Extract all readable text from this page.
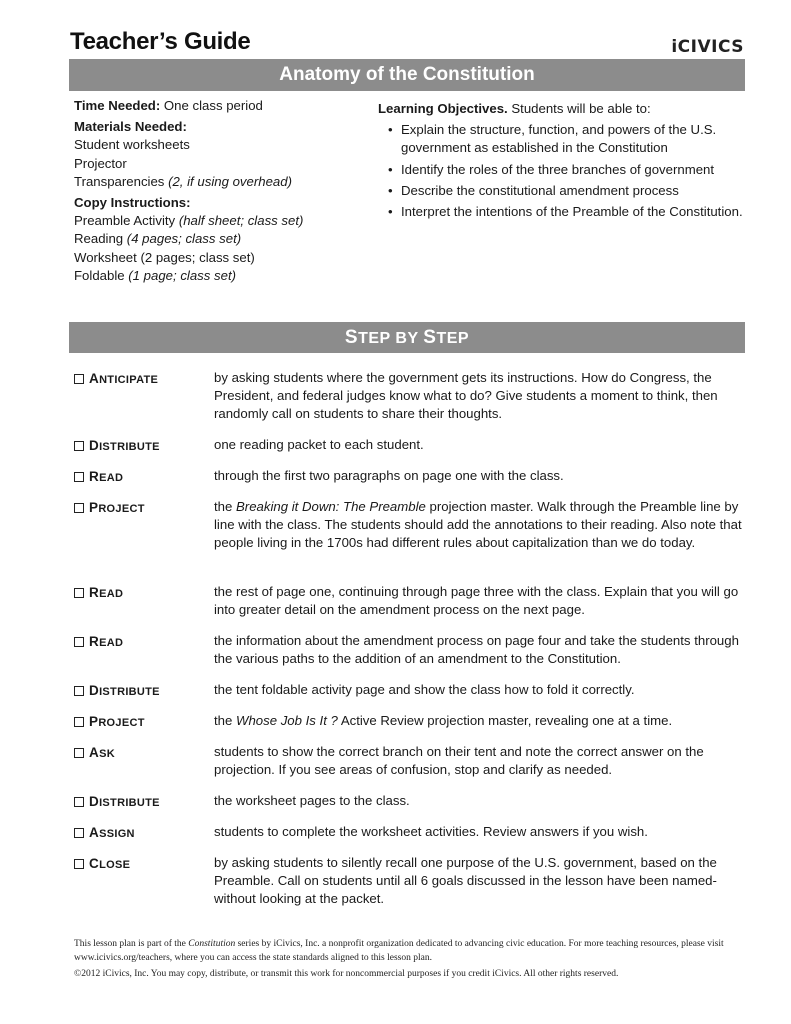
Teacher’s Guide	iCIVICS
Anatomy of the Constitution
Time Needed: One class period
Materials Needed:
Student worksheets
Projector
Transparencies (2, if using overhead)
Copy Instructions:
Preamble Activity (half sheet; class set)
Reading (4 pages; class set)
Worksheet (2 pages; class set)
Foldable (1 page; class set)
Learning Objectives. Students will be able to:
• Explain the structure, function, and powers of the U.S. government as established in the Constitution
• Identify the roles of the three branches of government
• Describe the constitutional amendment process
• Interpret the intentions of the Preamble of the Constitution.
STEP BY STEP
ANTICIPATE	by asking students where the government gets its instructions. How do Congress, the President, and federal judges know what to do? Give students a moment to think, then randomly call on students to share their thoughts.
DISTRIBUTE	one reading packet to each student.
READ	through the first two paragraphs on page one with the class.
PROJECT	the Breaking it Down: The Preamble projection master. Walk through the Preamble line by line with the class. The students should add the annotations to their reading. Also note that people living in the 1700s had different rules about capitalization than we do today.
READ	the rest of page one, continuing through page three with the class. Explain that you will go into greater detail on the amendment process on the next page.
READ	the information about the amendment process on page four and take the students through the various paths to the addition of an amendment to the Constitution.
DISTRIBUTE	the tent foldable activity page and show the class how to fold it correctly.
PROJECT	the Whose Job Is It ? Active Review projection master, revealing one at a time.
ASK	students to show the correct branch on their tent and note the correct answer on the projection. If you see areas of confusion, stop and clarify as needed.
DISTRIBUTE	the worksheet pages to the class.
ASSIGN	students to complete the worksheet activities. Review answers if you wish.
CLOSE	by asking students to silently recall one purpose of the U.S. government, based on the Preamble. Call on students until all 6 goals discussed in the lesson have been named- without looking at the packet.

This lesson plan is part of the Constitution series by iCivics, Inc. a nonprofit organization dedicated to advancing civic education. For more teaching resources, please visit www.icivics.org/teachers, where you can access the state standards aligned to this lesson plan.

©2012 iCivics, Inc. You may copy, distribute, or transmit this work for noncommercial purposes if you credit iCivics. All other rights reserved.
